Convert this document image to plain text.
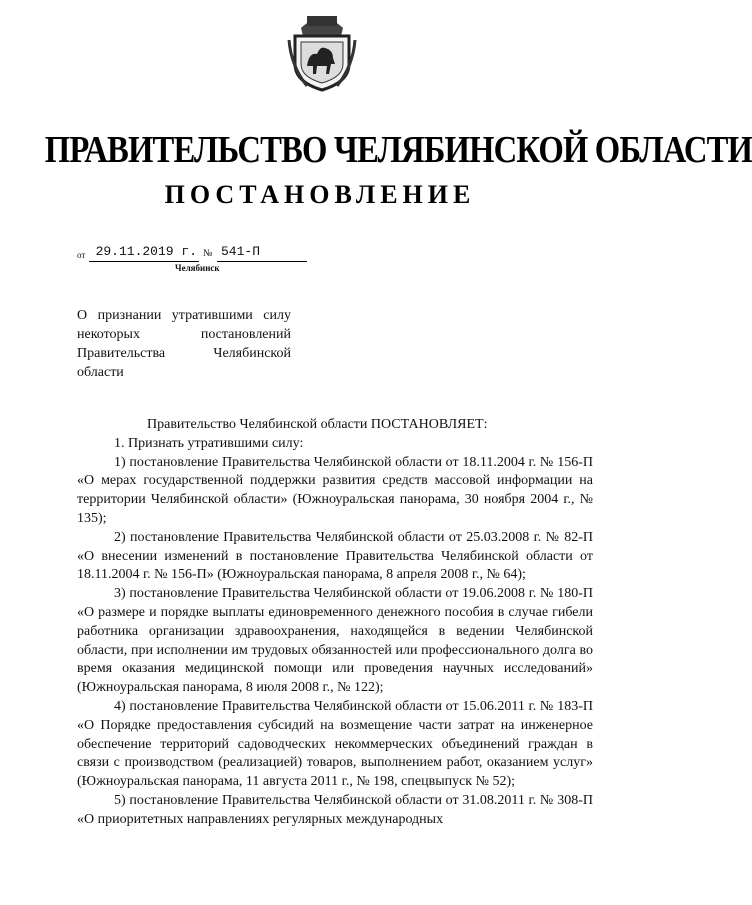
ПРАВИТЕЛЬСТВО ЧЕЛЯБИНСКОЙ ОБЛАСТИ
ПОСТАНОВЛЕНИЕ
от 29.11.2019 г. № 541-П
Челябинск
О признании утратившими силу
некоторых постановлений
Правительства Челябинской
области

Правительство Челябинской области ПОСТАНОВЛЯЕТ:

1. Признать утратившими силу:

1) постановление Правительства Челябинской области от 18.11.2004 г. № 156-П «О мерах государственной поддержки развития средств массовой информации на территории Челябинской области» (Южноуральская панорама, 30 ноября 2004 г., № 135);

2) постановление Правительства Челябинской области от 25.03.2008 г. № 82-П «О внесении изменений в постановление Правительства Челябинской области от 18.11.2004 г. № 156-П» (Южноуральская панорама, 8 апреля 2008 г., № 64);

3) постановление Правительства Челябинской области от 19.06.2008 г. № 180-П «О размере и порядке выплаты единовременного денежного пособия в случае гибели работника организации здравоохранения, находящейся в ведении Челябинской области, при исполнении им трудовых обязанностей или профессионального долга во время оказания медицинской помощи или проведения научных исследований» (Южноуральская панорама, 8 июля 2008 г., № 122);

4) постановление Правительства Челябинской области от 15.06.2011 г. № 183-П «О Порядке предоставления субсидий на возмещение части затрат на инженерное обеспечение территорий садоводческих некоммерческих объединений граждан в связи с производством (реализацией) товаров, выполнением работ, оказанием услуг» (Южноуральская панорама, 11 августа 2011 г., № 198, спецвыпуск № 52);

5) постановление Правительства Челябинской области от 31.08.2011 г. № 308-П «О приоритетных направлениях регулярных международных
